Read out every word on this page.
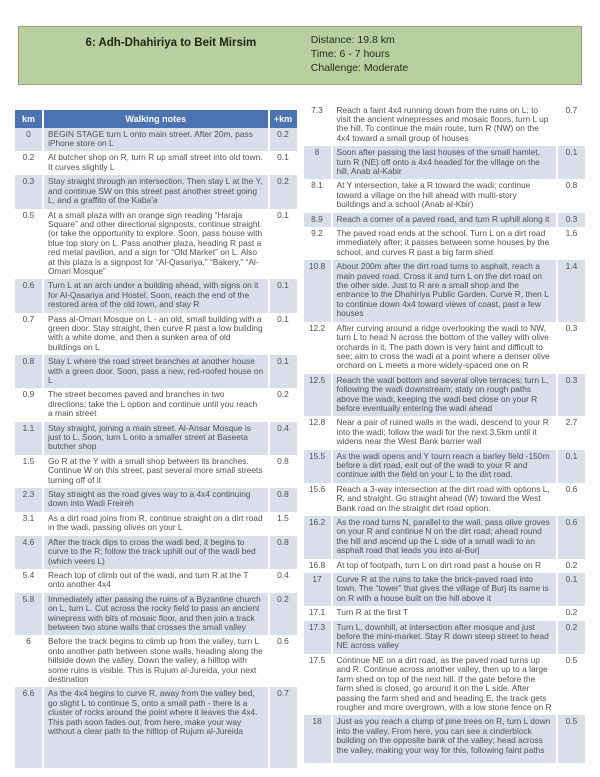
6: Adh-Dhahiriya to Beit Mirsim	Distance: 19.8 km
Time: 6 - 7 hours
Challenge: Moderate
km	Walking notes	+km
0	BEGIN STAGE turn L onto main street. After 20m, pass iPhone store on L	0.2
0.2	At butcher shop on R, turn R up small street into old town. It curves slightly L	0.1
0.3	Stay straight through an intersection. Then stay L at the Y, and continue SW on this street past another street going L, and a graffito of the Kaba'a	0.2
0.5	At a small plaza with an orange sign reading “Haraja Square” and other directional signposts, continue straight (or take the opportunity to explore. Soon, pass house with blue top story on L. Pass another plaza, heading R past a red metal pavilion, and a sign for “Old Market” on L. Also at this plaza is a signpost for “Al-Qasariya,” “Bakery,” “Al-Omari Mosque”	0.1
0.6	Turn L at an arch under a building ahead, with signs on it for Al-Qasariya and Hostel. Soon, reach the end of the restored area of the old town, and stay R	0.1
0.7	Pass al-Omari Mosque on L - an old, small building with a green door. Stay straight, then curve R past a low building with a white dome, and then a sunken area of old buildings on L	0.1
0.8	Stay L where the road street branches at another house with a green door. Soon, pass a new, red-roofed house on L	0.1
0.9	The street becomes paved and branches in two directions; take the L option and continue until you reach a main street	0.2
1.1	Stay straight, joining a main street. Al-Ansar Mosque is just to L. Soon, turn L onto a smaller street at Baseeta butcher shop	0.4
1.5	Go R at the Y with a small shop between its branches. Continue W on this street, past several more small streets turning off of it	0.8
2.3	Stay straight as the road gives way to a 4x4 continuing down into Wadi Freireh	0.8
3.1	As a dirt road joins from R, continue straight on a dirt road in the wadi, passing olives on your L	1.5
4.6	After the track dips to cross the wadi bed, it begins to curve to the R; follow the track uphill out of the wadi bed (which veers L)	0.8
5.4	Reach top of climb out of the wadi, and turn R at the T onto another 4x4	0.4
5.8	Immediately after passing the ruins of a Byzantine church on L, turn L. Cut across the rocky field to pass an ancient winepress with bits of mosaic floor, and then join a track between two stone walls that crosses the small valley	0.2
6	Before the track begins to climb up from the valley, turn L onto another path between stone walls, heading along the hillside down the valley. Down the valley, a hilltop with some ruins is visible. This is Rujum al-Jureida, your next destination	0.6
6.6	As the 4x4 begins to curve R, away from the valley bed, go slight L to continue S, onto a small path - there is a cluster of rocks around the point where it leaves the 4x4. This path soon fades out; from here, make your way without a clear path to the hilltop of Rujum al-Jureida	0.7
7.3	Reach a faint 4x4 running down from the ruins on L; to visit the ancient winepresses and mosaic floors, turn L up the hill. To continue the main route, turn R (NW) on the 4x4 toward a small group of houses	0.7
8	Soon after passing the last houses of the small hamlet, turn R (NE) off onto a 4x4 headed for the village on the hill, Anab al-Kabir	0.1
8.1	At Y intersection, take a R toward the wadi; continue toward a village on the hill ahead with multi-story buildings and a school (Anab al-Kbir)	0.8
8.9	Reach a corner of a paved road, and turn R uphill along it	0.3
9.2	The paved road ends at the school. Turn L on a dirt road immediately after; it passes between some houses by the school, and curves R past a big farm shed	1.6
10.8	About 200m after the dirt road turns to asphalt, reach a main paved road. Cross it and turn L on the dirt road on the other side. Just to R are a small shop and the entrance to the Dhahiriya Public Garden. Curve R, then L to continue down 4x4 toward views of coast, past a few houses	1.4
12.2	After curving around a ridge overlooking the wadi to NW, turn L to head N across the bottom of the valley with olive orchards in it. The path down is very faint and difficult to see; aim to cross the wadi at a point where a denser olive orchard on L meets a more widely-spaced one on R	0.3
12.5	Reach the wadi bottom and several olive terraces; turn L, following the wadi downstream; staty on rough paths above the wadi, keeping the wadi bed close on your R before eventually entering the wadi ahead	0.3
12.8	Near a pair of ruined walls in the wadi, descend to your R into the wadi; follow the wadi for the next 3.5km until it widens near the West Bank barrier wall	2.7
15.5	As the wadi opens and Y tourn reach a barley field -150m before a dirt road, exit out of the wadi to your R and continue with the field on your L to the dirt road.	0.1
15.6	Reach a 3-way intersection at the dirt road with options L, R, and straight. Go straight ahead (W) toward the West Bank road on the straight dirt road option.	0.6
16.2	As the road turns N, parallel to the wall, pass olive groves on your R and continue N on the dirt road; ahead round the hill and ascend up the L side of a small wadi to an asphalt road that leads you into al-Burj	0.6
16.8	At top of footpath, turn L on dirt road past a house on R	0.2
17	Curve R at the ruins to take the brick-paved road into town. The “tower” that gives the village of Burj its name is on R with a house built on the hill above it	0.1
17.1	Turn R at the first T	0.2
17.3	Turn L, downhill, at intersection after mosque and just before the mini-market. Stay R down steep street to head NE across valley	0.2
17.5	Continue NE on a dirt road, as the paved road turns up and R. Continue across another valley, then up to a large farm shed on top of the next hill. If the gate before the farm shed is closed, go around it on the L side. After passing the farm shed and and heading E, the track gets rougher and more overgrown, with a low stone fence on R	0.5
18	Just as you reach a clump of pine trees on R, turn L down into the valley. From here, you can see a cinderblock building on the opposite bank of the valley; head across the valley, making your way for this, following faint paths	0.5
